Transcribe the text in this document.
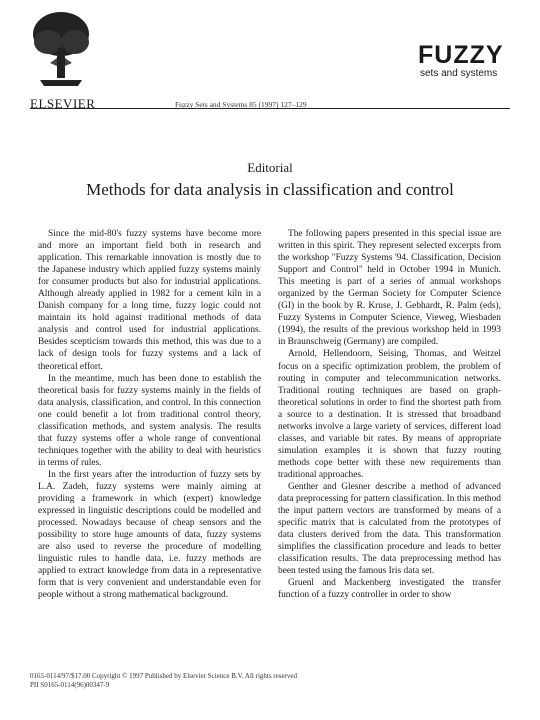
ELSEVIER	Fuzzy Sets and Systems 85 (1997) 127–129
FUZZY
sets and systems
Editorial
Methods for data analysis in classification and control

Since the mid-80's fuzzy systems have become more and more an important field both in research and application. This remarkable innovation is mostly due to the Japanese industry which applied fuzzy systems mainly for consumer products but also for industrial applications. Although already applied in 1982 for a cement kiln in a Danish company for a long time, fuzzy logic could not maintain its hold against traditional methods of data analysis and control used for industrial applications. Besides scepticism towards this method, this was due to a lack of design tools for fuzzy systems and a lack of theoretical effort.

In the meantime, much has been done to establish the theoretical basis for fuzzy systems mainly in the fields of data analysis, classification, and control. In this connection one could benefit a lot from traditional control theory, classification methods, and system analysis. The results that fuzzy systems offer a whole range of conventional techniques together with the ability to deal with heuristics in terms of rules.

In the first years after the introduction of fuzzy sets by L.A. Zadeh, fuzzy systems were mainly aiming at providing a framework in which (expert) knowledge expressed in linguistic descriptions could be modelled and processed. Nowadays because of cheap sensors and the possibility to store huge amounts of data, fuzzy systems are also used to reverse the procedure of modelling linguistic rules to handle data, i.e. fuzzy methods are applied to extract knowledge from data in a representative form that is very convenient and understandable even for people without a strong mathematical background.

The following papers presented in this special issue are written in this spirit. They represent selected excerpts from the workshop "Fuzzy Systems '94. Classification, Decision Support and Control" held in October 1994 in Munich. This meeting is part of a series of annual workshops organized by the German Society for Computer Science (GI) in the book by R. Kruse, J. Gebhardt, R. Palm (eds), Fuzzy Systems in Computer Science, Vieweg, Wiesbaden (1994), the results of the previous workshop held in 1993 in Braunschweig (Germany) are compiled.

Arnold, Hellendoorn, Seising, Thomas, and Weitzel focus on a specific optimization problem, the problem of routing in computer and telecommunication networks. Traditional routing techniques are based on graph-theoretical solutions in order to find the shortest path from a source to a destination. It is stressed that broadband networks involve a large variety of services, different load classes, and variable bit rates. By means of appropriate simulation examples it is shown that fuzzy routing methods cope better with these new requirements than traditional approaches.

Genther and Glesner describe a method of advanced data preprocessing for pattern classification. In this method the input pattern vectors are transformed by means of a specific matrix that is calculated from the prototypes of data clusters derived from the data. This transformation simplifies the classification procedure and leads to better classification results. The data preprocessing method has been tested using the famous Iris data set.

Gruenl and Mackenberg investigated the transfer function of a fuzzy controller in order to show

0165-0114/97/$17.00 Copyright © 1997 Published by Elsevier Science B.V. All rights reserved
PII S0165-0114(96)00347-9
